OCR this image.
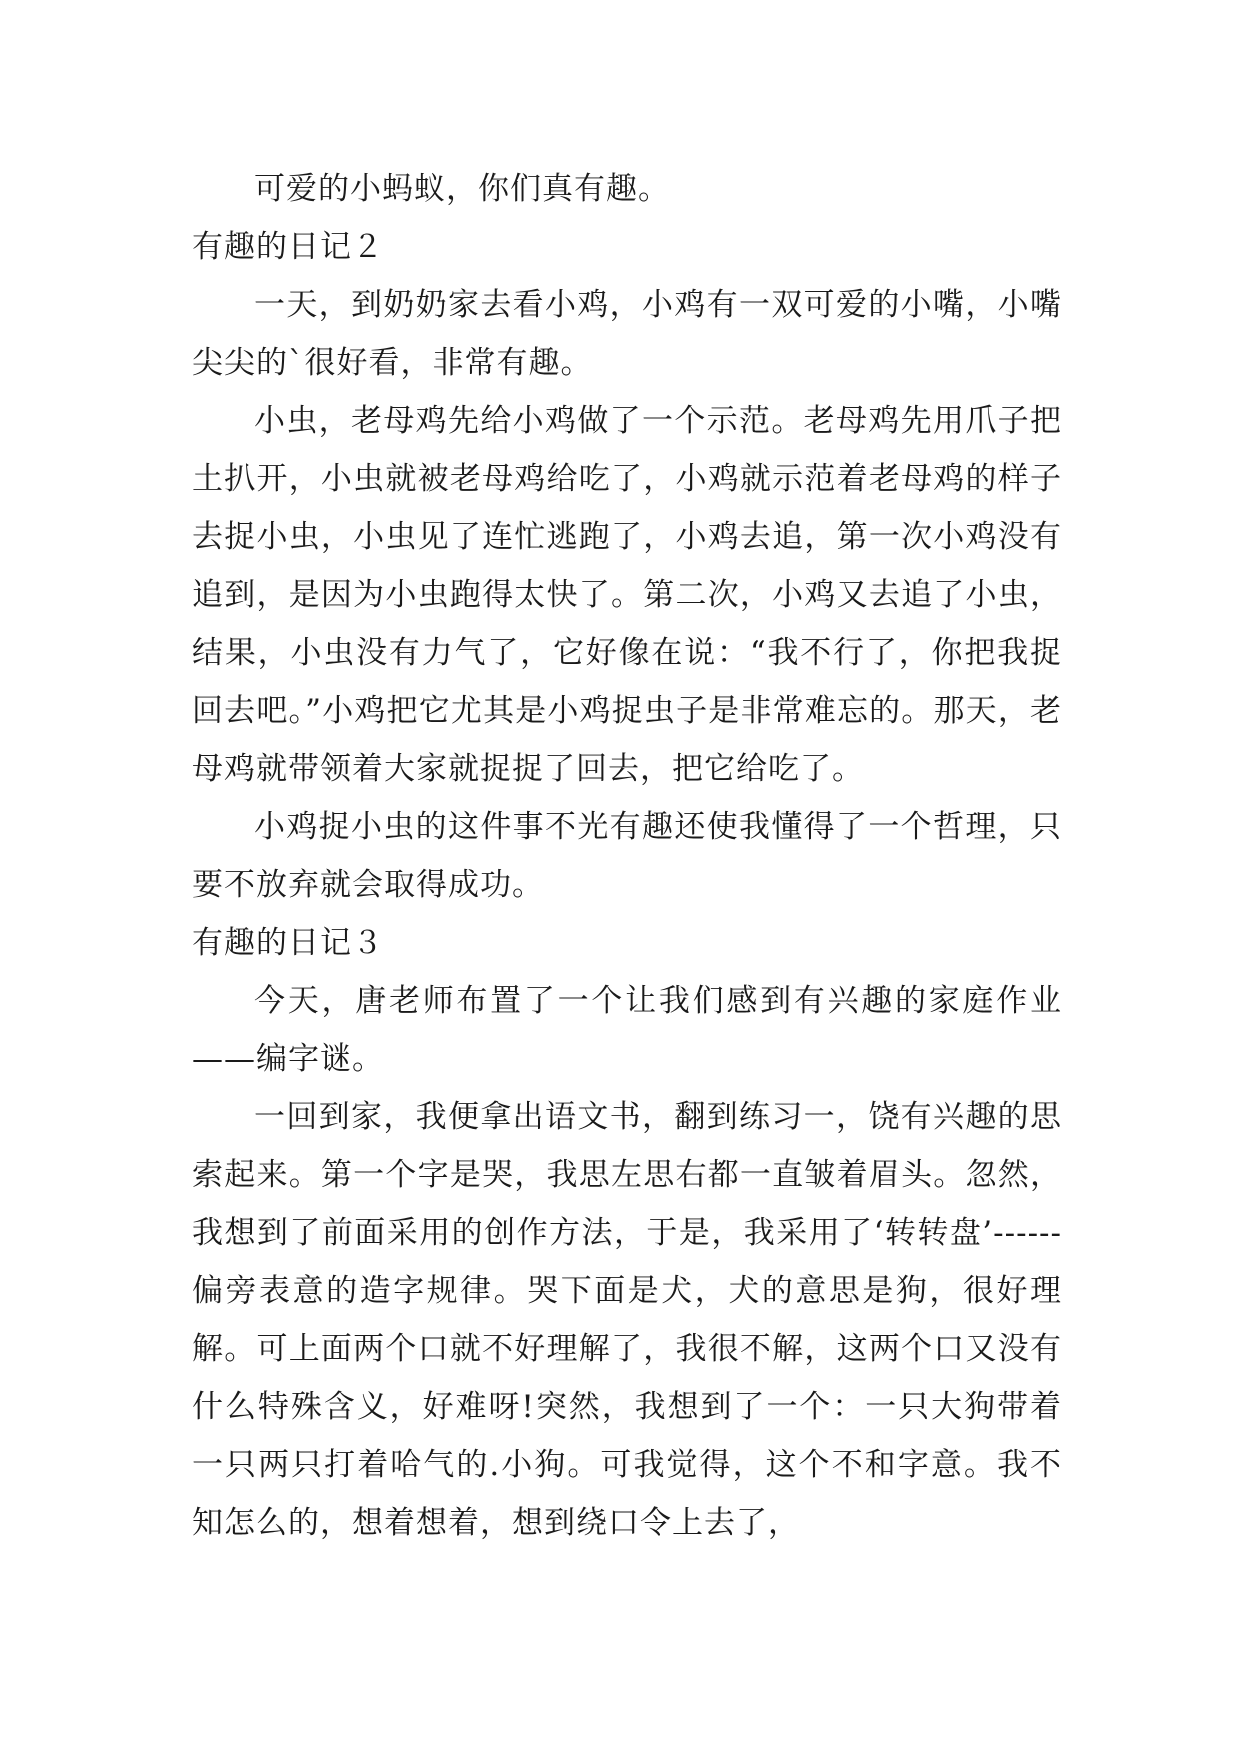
可爱的小蚂蚁，你们真有趣。

有趣的日记２

一天，到奶奶家去看小鸡，小鸡有一双可爱的小嘴，小嘴尖尖的`很好看，非常有趣。

小虫，老母鸡先给小鸡做了一个示范。老母鸡先用爪子把土扒开，小虫就被老母鸡给吃了，小鸡就示范着老母鸡的样子去捉小虫，小虫见了连忙逃跑了，小鸡去追，第一次小鸡没有追到，是因为小虫跑得太快了。第二次，小鸡又去追了小虫，结果，小虫没有力气了，它好像在说：“我不行了，你把我捉回去吧。”小鸡把它尤其是小鸡捉虫子是非常难忘的。那天，老母鸡就带领着大家就捉捉了回去，把它给吃了。

小鸡捉小虫的这件事不光有趣还使我懂得了一个哲理，只要不放弃就会取得成功。

有趣的日记３

今天，唐老师布置了一个让我们感到有兴趣的家庭作业——编字谜。

一回到家，我便拿出语文书，翻到练习一，饶有兴趣的思索起来。第一个字是哭，我思左思右都一直皱着眉头。忽然，我想到了前面采用的创作方法，于是，我采用了‘转转盘’------偏旁表意的造字规律。哭下面是犬，犬的意思是狗，很好理解。可上面两个口就不好理解了，我很不解，这两个口又没有什么特殊含义，好难呀!突然，我想到了一个：一只大狗带着一只两只打着哈气的.小狗。可我觉得，这个不和字意。我不知怎么的，想着想着，想到绕口令上去了，
